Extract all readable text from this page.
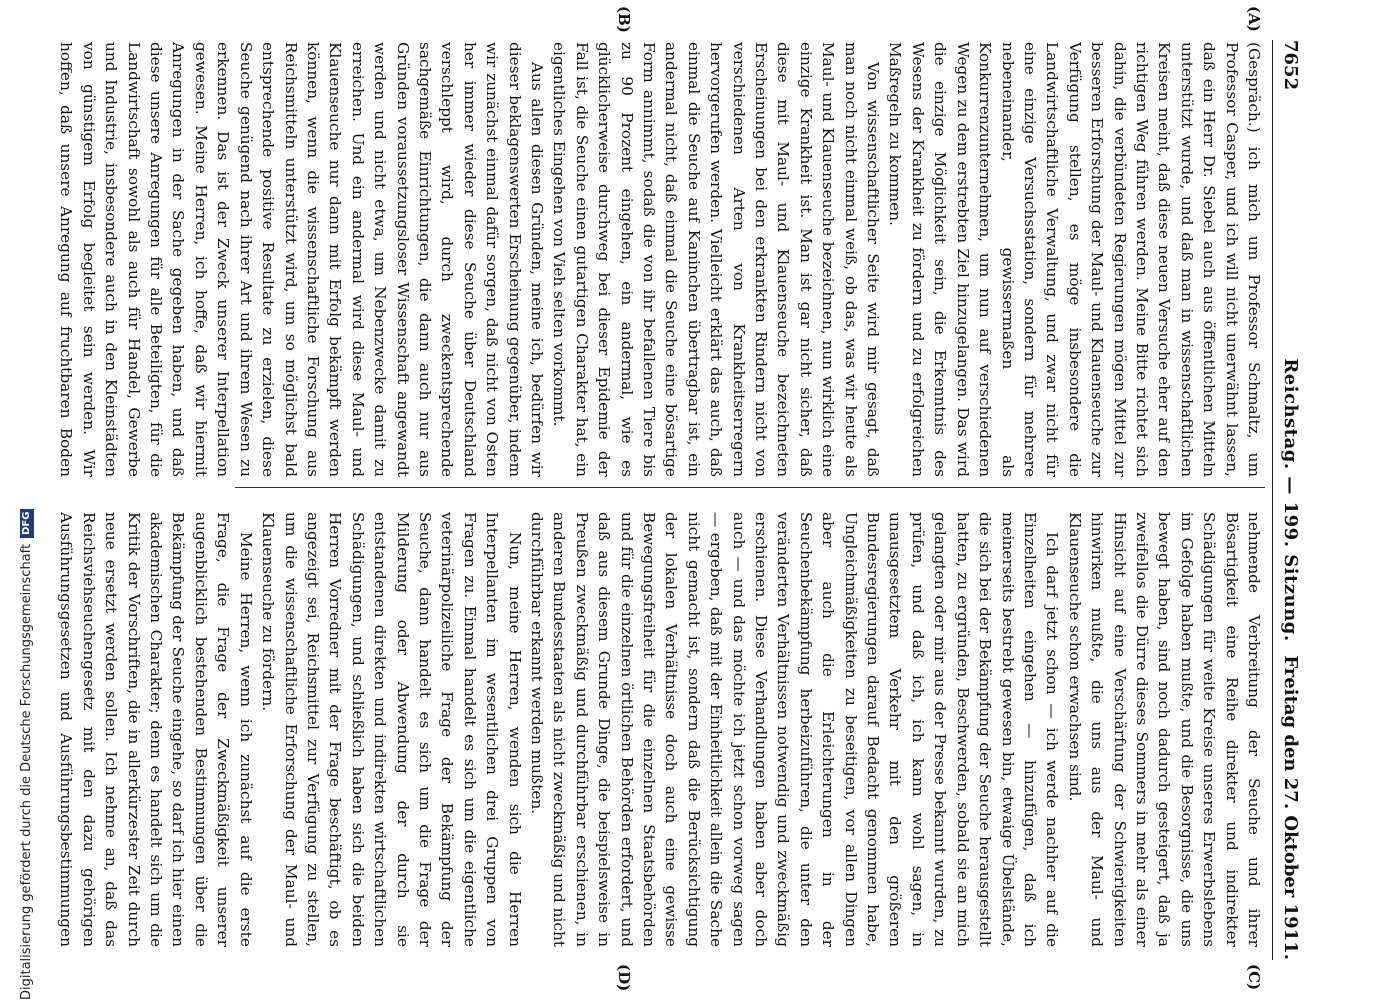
7652
Reichstag. — 199. Sitzung.
Freitag den 27. Oktober 1911.
(A)
(B)
(C)
(D)

(Gespräch.) ich mich um Professor Schmaltz, um Professor Casper, und ich will nicht unerwähnt lassen, daß ein Herr Dr. Siebel auch aus öffentlichen Mitteln unterstützt wurde, und daß man in wissenschaftlichen Kreisen meint, daß diese neuen Versuche eher auf den richtigen Weg führen werden. Meine Bitte richtet sich dahin, die verbündeten Regierungen mögen Mittel zur besseren Erforschung der Maul- und Klauenseuche zur Verfügung stellen, es möge insbesondere die Landwirtschaftliche Verwaltung, und zwar nicht für eine einzige Versuchsstation, sondern für mehrere nebeneinander, gewissermaßen als Konkurrenzunternehmen, um nun auf verschiedenen Wegen zu dem erstrebten Ziel hinzugelangen. Das wird die einzige Möglichkeit sein, die Erkenntnis des Wesens der Krankheit zu fördern und zu erfolgreichen Maßregeln zu kommen.

Von wissenschaftlicher Seite wird mir gesagt, daß man noch nicht einmal weiß, ob das, was wir heute als Maul- und Klauenseuche bezeichnen, nun wirklich eine einzige Krankheit ist. Man ist gar nicht sicher, daß diese mit Maul- und Klauenseuche bezeichneten Erscheinungen bei den erkrankten Rindern nicht von verschiedenen Arten von Krankheitserregern hervorgerufen werden. Vielleicht erklärt das auch, daß einmal die Seuche auf Kaninchen übertragbar ist, ein andermal nicht, daß einmal die Seuche eine bösartige Form annimmt, sodaß die von ihr befallenen Tiere bis zu 90 Prozent eingehen, ein andermal, wie es glücklicherweise durchweg bei dieser Epidemie der Fall ist, die Seuche einen gutartigen Charakter hat, ein eigentliches Eingehen von Vieh selten vorkommt.

Aus allen diesen Gründen, meine ich, bedürfen wir dieser beklagenswerten Erscheinung gegenüber, indem wir zunächst einmal dafür sorgen, daß nicht von Osten her immer wieder diese Seuche über Deutschland verschleppt wird, durch zweckentsprechende sachgemäße Einrichtungen, die dann auch nur aus Gründen voraussetzungsloser Wissenschaft angewandt werden und nicht etwa, um Nebenzwecke damit zu erreichen. Und ein andermal wird diese Maul- und Klauenseuche nur dann mit Erfolg bekämpft werden können, wenn die wissenschaftliche Forschung aus Reichsmitteln unterstützt wird, um so möglichst bald entsprechende positive Resultate zu erzielen, diese Seuche genügend nach ihrer Art und ihrem Wesen zu erkennen. Das ist der Zweck unserer Interpellation gewesen. Meine Herren, ich hoffe, daß wir hiermit Anregungen in der Sache gegeben haben, und daß diese unsere Anregungen für alle Beteiligten, für die Landwirtschaft sowohl als auch für Handel, Gewerbe und Industrie, insbesondere auch in den Kleinstädten von günstigem Erfolg begleitet sein werden. Wir hoffen, daß unsere Anregung auf fruchtbaren Boden

nehmende Verbreitung der Seuche und ihrer Bösartigkeit eine Reihe direkter und indirekter Schädigungen für weite Kreise unseres Erwerbslebens im Gefolge haben mußte, und die Besorgnisse, die uns bewegt haben, sind noch dadurch gesteigert, daß ja zweifellos die Dürre dieses Sommers in mehr als einer Hinsicht auf eine Verschärfung der Schwierigkeiten hinwirken mußte, die uns aus der Maul- und Klauenseuche schon erwachsen sind.

Ich darf jetzt schon — ich werde nachher auf die Einzelheiten eingehen — hinzufügen, daß ich meinerseits bestrebt gewesen bin, etwaige Übelstände, die sich bei der Bekämpfung der Seuche herausgestellt hatten, zu ergründen, Beschwerden, sobald sie an mich gelangten oder mir aus der Presse bekannt wurden, zu prüfen, und daß ich, ich kann wohl sagen, in unausgesetztem Verkehr mit den größeren Bundesregierungen darauf Bedacht genommen habe, Ungleichmäßigkeiten zu beseitigen, vor allen Dingen aber auch die Erleichterungen in der Seuchenbekämpfung herbeizuführen, die unter den veränderten Verhältnissen notwendig und zweckmäßig erschienen. Diese Verhandlungen haben aber doch auch — und das möchte ich jetzt schon vorweg sagen — ergeben, daß mit der Einheitlichkeit allein die Sache nicht gemacht ist, sondern daß die Berücksichtigung der lokalen Verhältnisse doch auch eine gewisse Bewegungsfreiheit für die einzelnen Staatsbehörden und für die einzelnen örtlichen Behörden erfordert, und daß aus diesem Grunde Dinge, die beispielsweise in Preußen zweckmäßig und durchführbar erschienen, in anderen Bundesstaaten als nicht zweckmäßig und nicht durchführbar erkannt werden mußten.

Nun, meine Herren, wenden sich die Herren Interpellanten im wesentlichen drei Gruppen von Fragen zu. Einmal handelt es sich um die eigentliche veterinärpolizeiliche Frage der Bekämpfung der Seuche, dann handelt es sich um die Frage der Milderung oder Abwendung der durch sie entstandenen direkten und indirekten wirtschaftlichen Schädigungen, und schließlich haben sich die beiden Herren Vorredner mit der Frage beschäftigt, ob es angezeigt sei, Reichsmittel zur Verfügung zu stellen, um die wissenschaftliche Erforschung der Maul- und Klauenseuche zu fördern.

Meine Herren, wenn ich zunächst auf die erste Frage, die Frage der Zweckmäßigkeit unserer augenblicklich bestehenden Bestimmungen über die Bekämpfung der Seuche eingehe, so darf ich hier einen akademischen Charakter; denn es handelt sich um die Kritik der Vorschriften, die in allerkürzester Zeit durch neue ersetzt werden sollen. Ich nehme an, daß das Reichsviehseuchengesetz mit den dazu gehörigen Ausführungsgesetzen und Ausführungsbestimmungen

Digitalisierung gefördert durch die Deutsche ForschungsgemeinschaftDFG
